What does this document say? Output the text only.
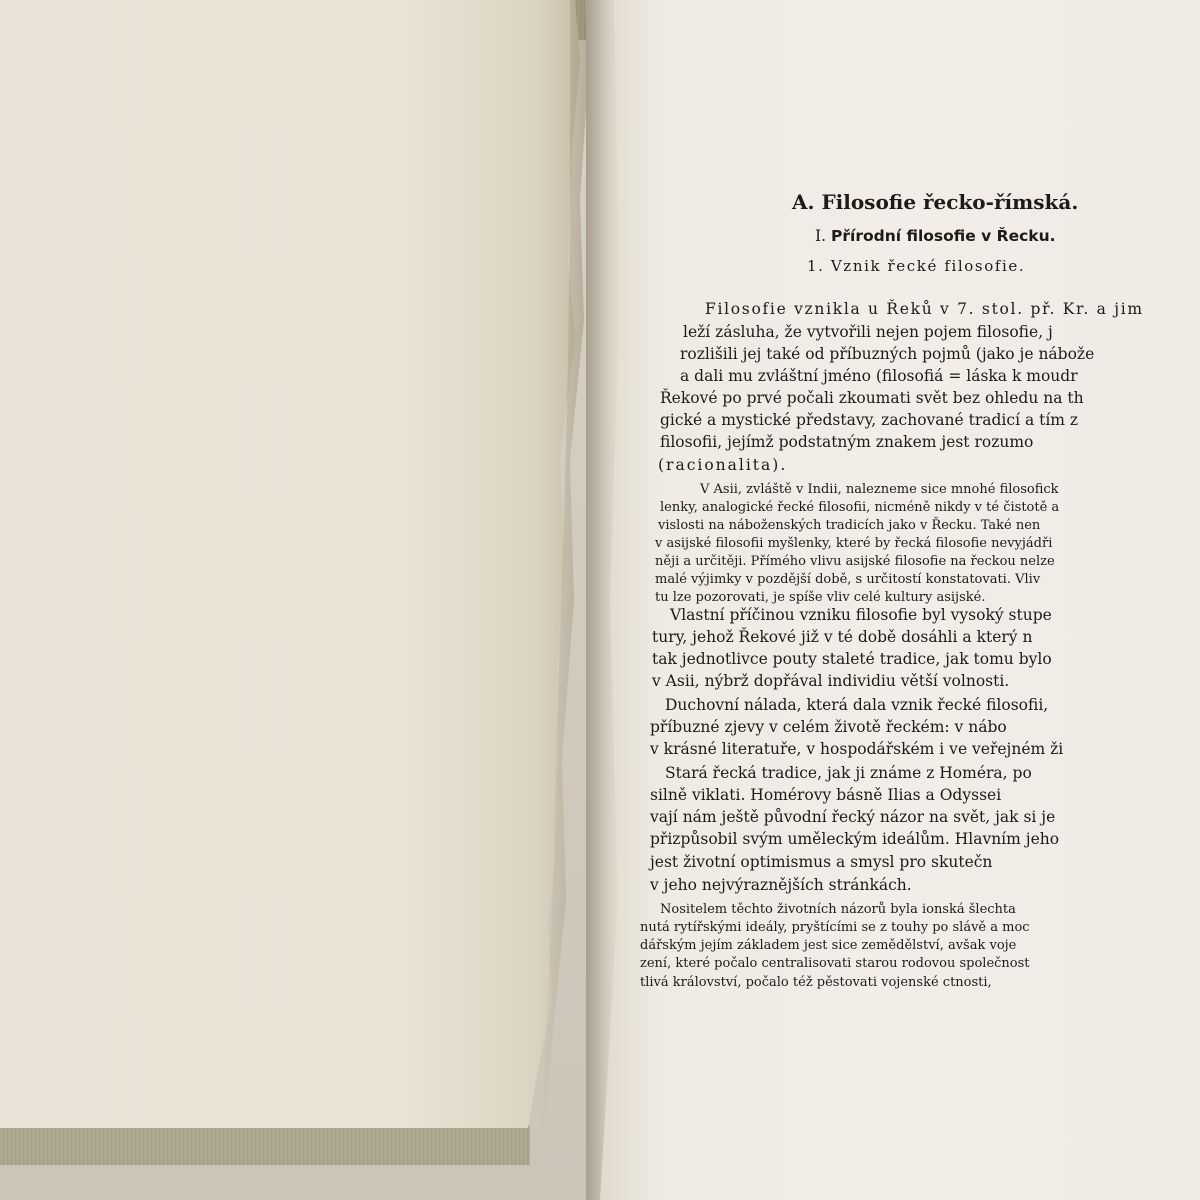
A. Filosofie řecko-římská.
I. Přírodní filosofie v Řecku.
1. Vznik řecké filosofie.
Filosofie vznikla u Řeků v 7. stol. př. Kr. a jim
leží zásluha, že vytvořili nejen pojem filosofie, j
rozlišili jej také od příbuzných pojmů (jako je nábože
a dali mu zvláštní jméno (filosofiá = láska k moudr
Řekové po prvé počali zkoumati svět bez ohledu na th
gické a mystické představy, zachované tradicí a tím z
filosofii, jejímž podstatným znakem jest rozumo
(racionalita).
V Asii, zvláště v Indii, nalezneme sice mnohé filosofick
lenky, analogické řecké filosofii, nicméně nikdy v té čistotě a
vislosti na náboženských tradicích jako v Řecku. Také nen
v asijské filosofii myšlenky, které by řecká filosofie nevyjádři
něji a určitěji. Přímého vlivu asijské filosofie na řeckou nelze
malé výjimky v pozdější době, s určitostí konstatovati. Vliv
tu lze pozorovati, je spíše vliv celé kultury asijské.
Vlastní příčinou vzniku filosofie byl vysoký stupe
tury, jehož Řekové již v té době dosáhli a který n
tak jednotlivce pouty staleté tradice, jak tomu bylo
v Asii, nýbrž dopřával individiu větší volnosti.
Duchovní nálada, která dala vznik řecké filosofii,
příbuzné zjevy v celém životě řeckém: v nábo
v krásné literatuře, v hospodářském i ve veřejném ži
Stará řecká tradice, jak ji známe z Homéra, po
silně viklati. Homérovy básně Ilias a Odyssei
vají nám ještě původní řecký názor na svět, jak si je
přizpůsobil svým uměleckým ideálům. Hlavním jeho
jest životní optimismus a smysl pro skutečn
v jeho nejvýraznějších stránkách.
Nositelem těchto životních názorů byla ionská šlechta
nutá rytířskými ideály, pryštícími se z touhy po slávě a moc
dářským jejím základem jest sice zemědělství, avšak voje
zení, které počalo centralisovati starou rodovou společnost
tlivá království, počalo též pěstovati vojenské ctnosti,
